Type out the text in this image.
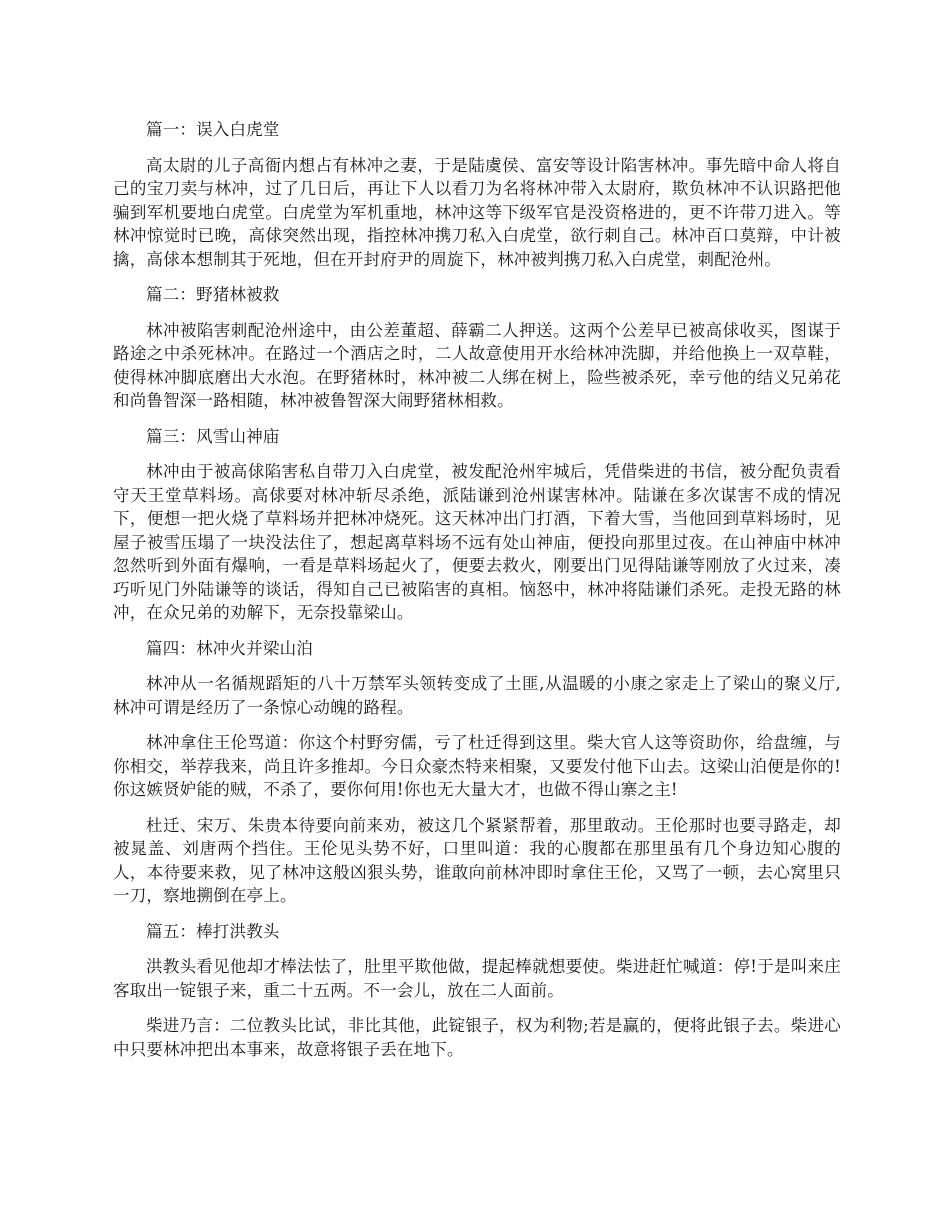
篇一：误入白虎堂

高太尉的儿子高衙内想占有林冲之妻，于是陆虞侯、富安等设计陷害林冲。事先暗中命人将自己的宝刀卖与林冲，过了几日后，再让下人以看刀为名将林冲带入太尉府，欺负林冲不认识路把他骗到军机要地白虎堂。白虎堂为军机重地，林冲这等下级军官是没资格进的，更不许带刀进入。等林冲惊觉时已晚，高俅突然出现，指控林冲携刀私入白虎堂，欲行刺自己。林冲百口莫辩，中计被擒，高俅本想制其于死地，但在开封府尹的周旋下，林冲被判携刀私入白虎堂，刺配沧州。

篇二：野猪林被救

林冲被陷害刺配沧州途中，由公差董超、薛霸二人押送。这两个公差早已被高俅收买，图谋于路途之中杀死林冲。在路过一个酒店之时，二人故意使用开水给林冲洗脚，并给他换上一双草鞋，使得林冲脚底磨出大水泡。在野猪林时，林冲被二人绑在树上，险些被杀死，幸亏他的结义兄弟花和尚鲁智深一路相随，林冲被鲁智深大闹野猪林相救。

篇三：风雪山神庙

林冲由于被高俅陷害私自带刀入白虎堂，被发配沧州牢城后，凭借柴进的书信，被分配负责看守天王堂草料场。高俅要对林冲斩尽杀绝，派陆谦到沧州谋害林冲。陆谦在多次谋害不成的情况下，便想一把火烧了草料场并把林冲烧死。这天林冲出门打酒，下着大雪，当他回到草料场时，见屋子被雪压塌了一块没法住了，想起离草料场不远有处山神庙，便投向那里过夜。在山神庙中林冲忽然听到外面有爆响，一看是草料场起火了，便要去救火，刚要出门见得陆谦等刚放了火过来，凑巧听见门外陆谦等的谈话，得知自己已被陷害的真相。恼怒中，林冲将陆谦们杀死。走投无路的林冲，在众兄弟的劝解下，无奈投靠梁山。

篇四：林冲火并梁山泊

林冲从一名循规蹈矩的八十万禁军头领转变成了土匪,从温暖的小康之家走上了梁山的聚义厅,林冲可谓是经历了一条惊心动魄的路程。

林冲拿住王伦骂道：你这个村野穷儒，亏了杜迁得到这里。柴大官人这等资助你，给盘缠，与你相交，举荐我来，尚且许多推却。今日众豪杰特来相聚，又要发付他下山去。这梁山泊便是你的!你这嫉贤妒能的贼，不杀了，要你何用!你也无大量大才，也做不得山寨之主!

杜迁、宋万、朱贵本待要向前来劝，被这几个紧紧帮着，那里敢动。王伦那时也要寻路走，却被晁盖、刘唐两个挡住。王伦见头势不好，口里叫道：我的心腹都在那里虽有几个身边知心腹的人，本待要来救，见了林冲这般凶狠头势，谁敢向前林冲即时拿住王伦，又骂了一顿，去心窝里只一刀，察地搠倒在亭上。

篇五：棒打洪教头

洪教头看见他却才棒法怯了，肚里平欺他做，提起棒就想要使。柴进赶忙喊道：停!于是叫来庄客取出一锭银子来，重二十五两。不一会儿，放在二人面前。

柴进乃言：二位教头比试，非比其他，此锭银子，权为利物;若是赢的，便将此银子去。柴进心中只要林冲把出本事来，故意将银子丢在地下。
